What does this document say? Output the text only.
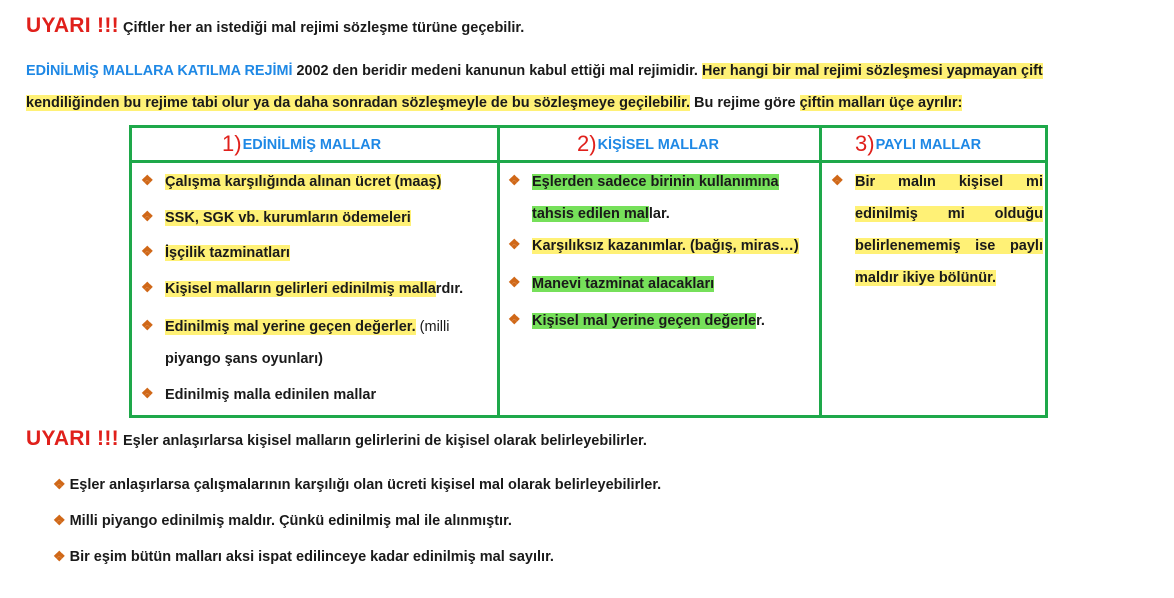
UYARI !!! Çiftler her an istediği mal rejimi sözleşme türüne geçebilir.
EDİNİLMİŞ MALLARA KATILMA REJİMİ 2002 den beridir medeni kanunun kabul ettiği mal rejimidir. Her hangi bir mal rejimi sözleşmesi yapmayan çift
kendiliğinden bu rejime tabi olur ya da daha sonradan sözleşmeyle de bu sözleşmeye geçilebilir. Bu rejime göre çiftin malları üçe ayrılır:
1)EDİNİLMİŞ MALLAR	2)KİŞİSEL MALLAR	3)PAYLI MALLAR
❖ Çalışma karşılığında alınan ücret (maaş)
❖ SSK, SGK vb. kurumların ödemeleri
❖ İşçilik tazminatları
❖ Kişisel malların gelirleri edinilmiş mallardır.
❖ Edinilmiş mal yerine geçen değerler. (milli
piyango şans oyunları)
❖ Edinilmiş malla edinilen mallar
❖ Eşlerden sadece birinin kullanımına
tahsis edilen mallar.
❖ Karşılıksız kazanımlar. (bağış, miras…)
❖ Manevi tazminat alacakları
❖ Kişisel mal yerine geçen değerler.
❖ Bir malın kişisel mi
edinilmiş mi olduğu
belirlenememiş ise paylı
maldır ikiye bölünür.
UYARI !!! Eşler anlaşırlarsa kişisel malların gelirlerini de kişisel olarak belirleyebilirler.
❖ Eşler anlaşırlarsa çalışmalarının karşılığı olan ücreti kişisel mal olarak belirleyebilirler.
❖ Milli piyango edinilmiş maldır. Çünkü edinilmiş mal ile alınmıştır.
❖ Bir eşim bütün malları aksi ispat edilinceye kadar edinilmiş mal sayılır.
